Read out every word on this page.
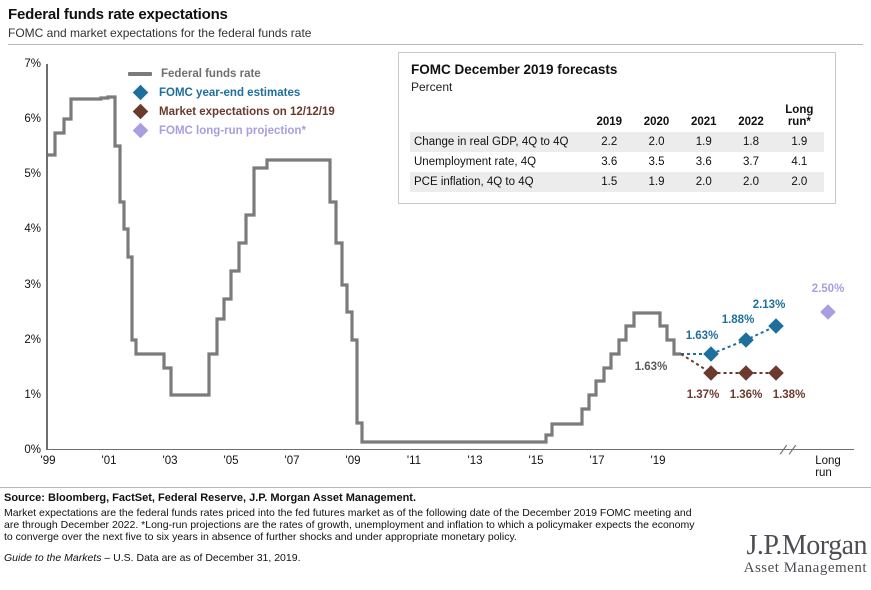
Federal funds rate expectations
FOMC and market expectations for the federal funds rate
Federal funds rate
FOMC year-end estimates
Market expectations on 12/12/19
FOMC long-run projection*
FOMC December 2019 forecasts
Percent
	2019	2020	2021	2022	Long
run*
Change in real GDP, 4Q to 4Q	2.2	2.0	1.9	1.8	1.9
Unemployment rate, 4Q	3.6	3.5	3.6	3.7	4.1
PCE inflation, 4Q to 4Q	1.5	1.9	2.0	2.0	2.0
0%
1%
2%
3%
4%
5%
6%
7%
'99	'01	'03	'05	'07	'09	'11	'13	'15	'17	'19	Long
run
/ /
1.63%
1.63%
1.88%
2.13%
1.37% 1.36% 1.38%
2.50%
Source: Bloomberg, FactSet, Federal Reserve, J.P. Morgan Asset Management.
Market expectations are the federal funds rates priced into the fed futures market as of the following date of the December 2019 FOMC meeting and are through December 2022. *Long-run projections are the rates of growth, unemployment and inflation to which a policymaker expects the economy to converge over the next five to six years in absence of further shocks and under appropriate monetary policy.
Guide to the Markets – U.S. Data are as of December 31, 2019.	J.P.Morgan
Asset Management
